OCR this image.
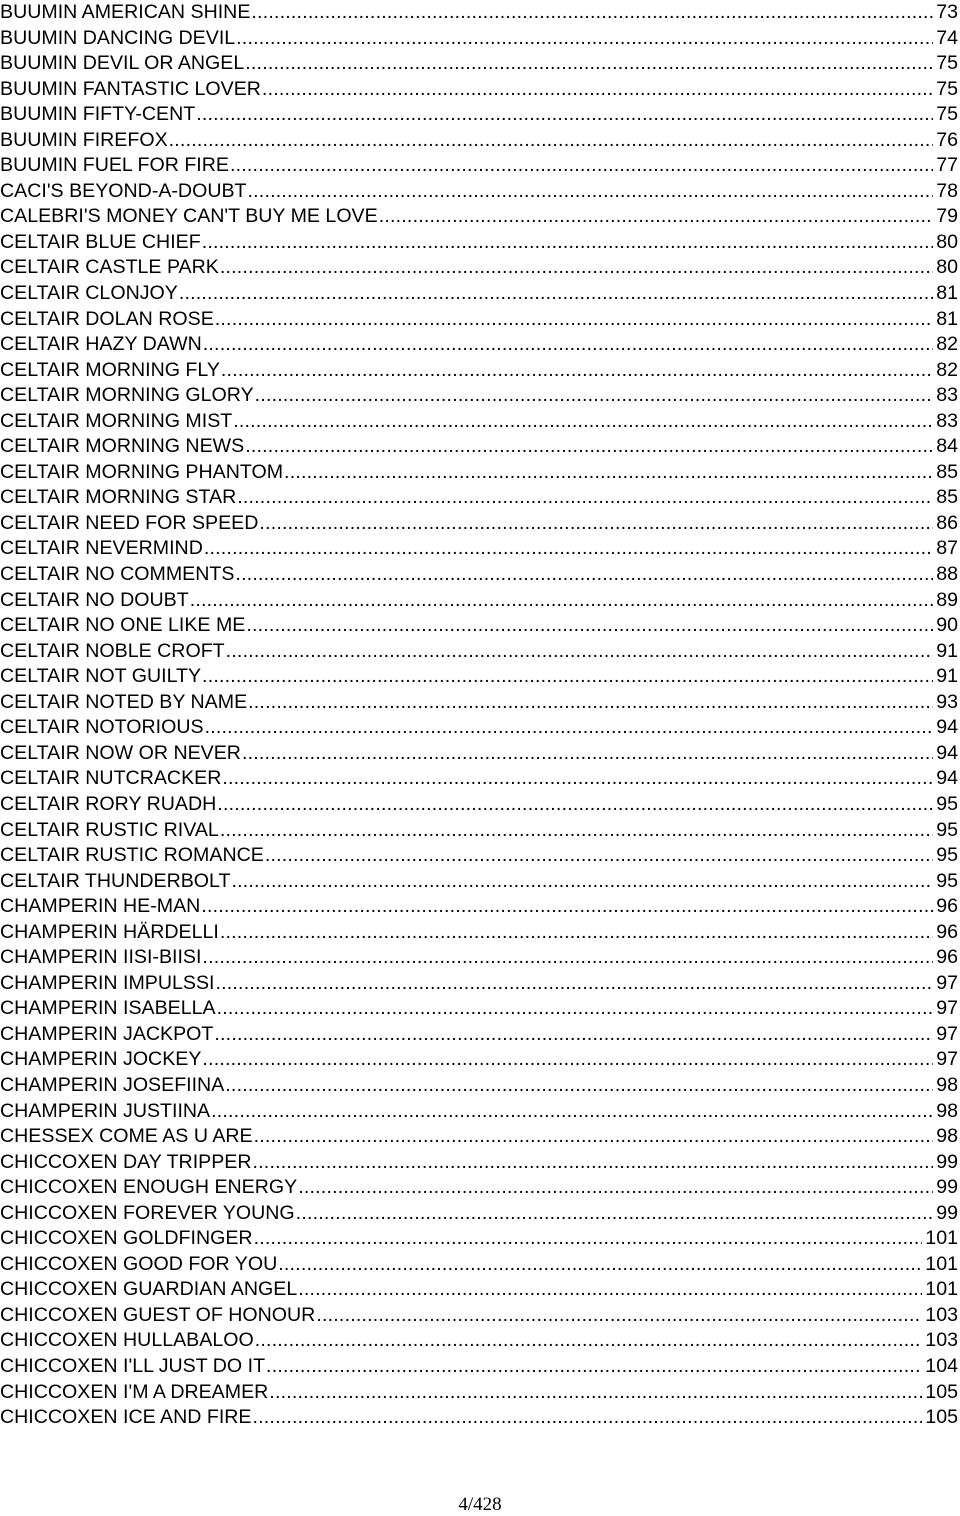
BUUMIN AMERICAN SHINE .....	73
BUUMIN DANCING DEVIL .....	74
BUUMIN DEVIL OR ANGEL .....	75
BUUMIN FANTASTIC LOVER .....	75
BUUMIN FIFTY-CENT .....	75
BUUMIN FIREFOX .....	76
BUUMIN FUEL FOR FIRE .....	77
CACI'S BEYOND-A-DOUBT .....	78
CALEBRI'S MONEY CAN'T BUY ME LOVE .....	79
CELTAIR BLUE CHIEF .....	80
CELTAIR CASTLE PARK .....	80
CELTAIR CLONJOY .....	81
CELTAIR DOLAN ROSE .....	81
CELTAIR HAZY DAWN .....	82
CELTAIR MORNING FLY .....	82
CELTAIR MORNING GLORY .....	83
CELTAIR MORNING MIST .....	83
CELTAIR MORNING NEWS .....	84
CELTAIR MORNING PHANTOM .....	85
CELTAIR MORNING STAR .....	85
CELTAIR NEED FOR SPEED .....	86
CELTAIR NEVERMIND .....	87
CELTAIR NO COMMENTS .....	88
CELTAIR NO DOUBT .....	89
CELTAIR NO ONE LIKE ME .....	90
CELTAIR NOBLE CROFT .....	91
CELTAIR NOT GUILTY .....	91
CELTAIR NOTED BY NAME .....	93
CELTAIR NOTORIOUS .....	94
CELTAIR NOW OR NEVER .....	94
CELTAIR NUTCRACKER .....	94
CELTAIR RORY RUADH .....	95
CELTAIR RUSTIC RIVAL .....	95
CELTAIR RUSTIC ROMANCE .....	95
CELTAIR THUNDERBOLT .....	95
CHAMPERIN HE-MAN .....	96
CHAMPERIN HÄRDELLI .....	96
CHAMPERIN IISI-BIISI .....	96
CHAMPERIN IMPULSSI .....	97
CHAMPERIN ISABELLA .....	97
CHAMPERIN JACKPOT .....	97
CHAMPERIN JOCKEY .....	97
CHAMPERIN JOSEFIINA .....	98
CHAMPERIN JUSTIINA .....	98
CHESSEX COME AS U ARE .....	98
CHICCOXEN DAY TRIPPER .....	99
CHICCOXEN ENOUGH ENERGY .....	99
CHICCOXEN FOREVER YOUNG .....	99
CHICCOXEN GOLDFINGER .....	101
CHICCOXEN GOOD FOR YOU .....	101
CHICCOXEN GUARDIAN ANGEL .....	101
CHICCOXEN GUEST OF HONOUR .....	103
CHICCOXEN HULLABALOO .....	103
CHICCOXEN I'LL JUST DO IT .....	104
CHICCOXEN I'M A DREAMER .....	105
CHICCOXEN ICE AND FIRE .....	105
4/428
